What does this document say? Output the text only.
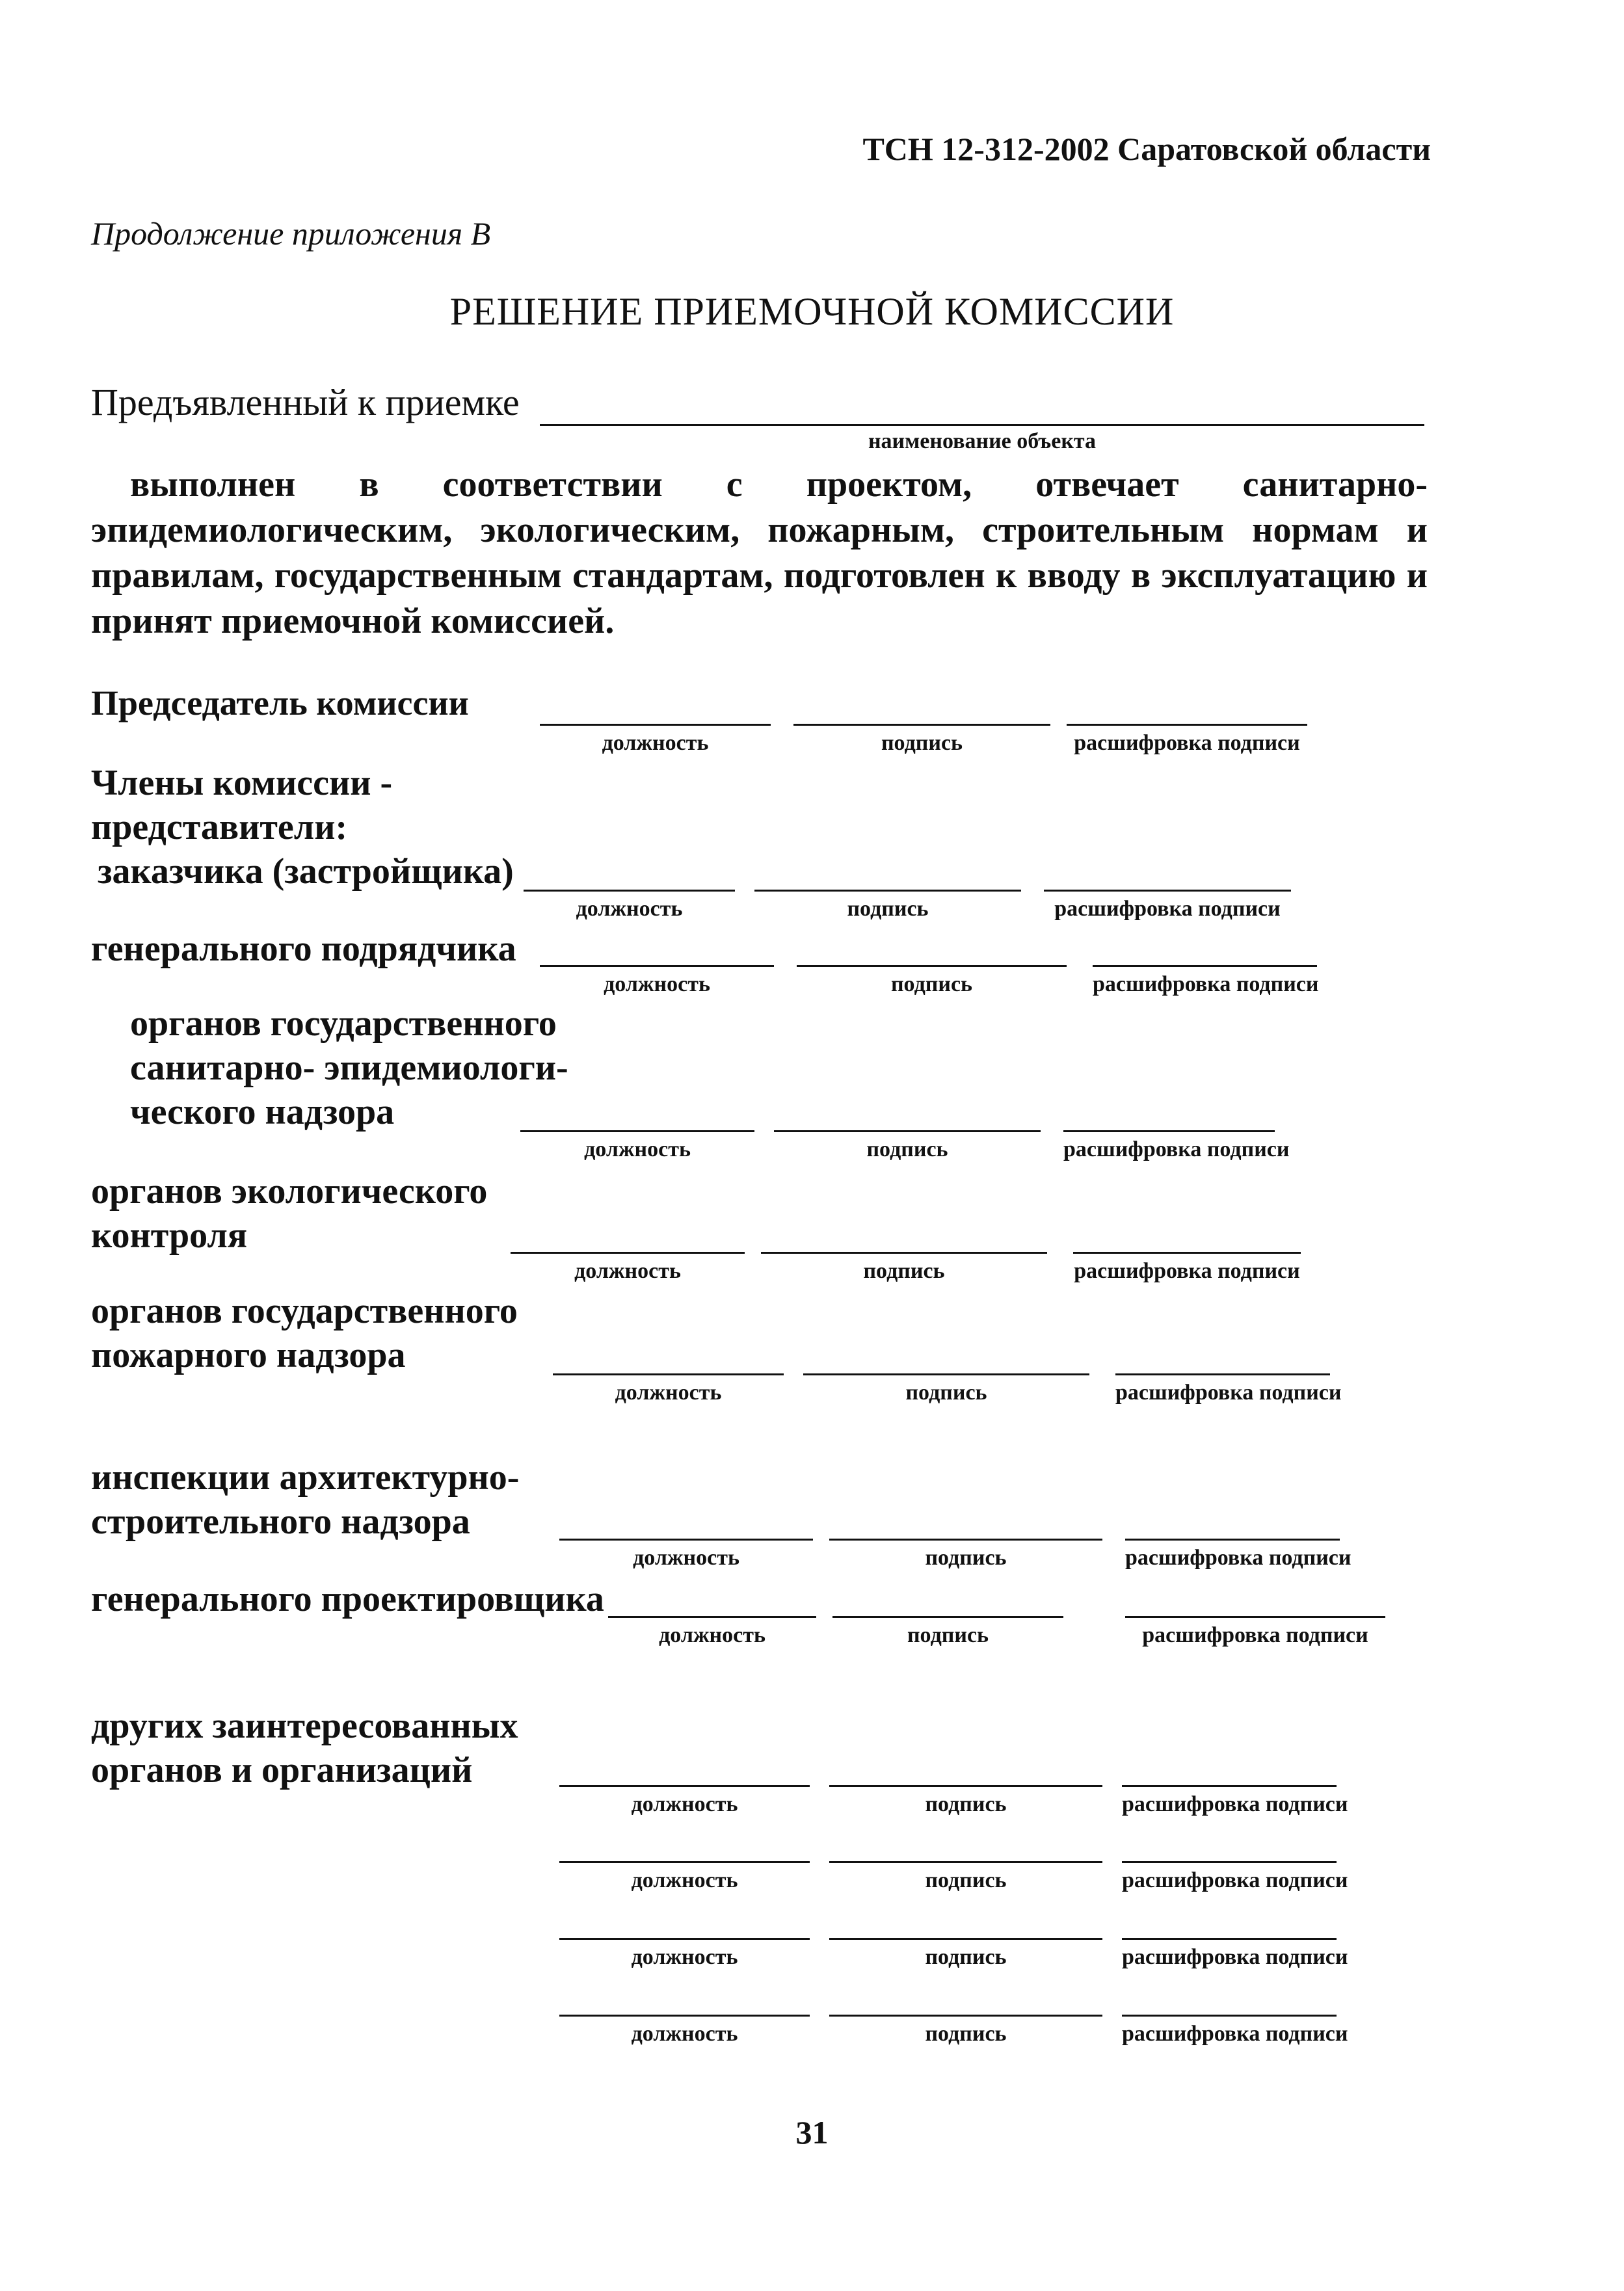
ТСН 12-312-2002 Саратовской области

Продолжение приложения В

РЕШЕНИЕ ПРИЕМОЧНОЙ КОМИССИИ

Предъявленный к приемке

наименование объекта

выполнен в соответствии с проектом, отвечает санитарно-эпидемиологическим, экологическим, пожарным, строительным нормам и правилам, государственным стандартам, подготовлен к вводу в эксплуатацию и принят приемочной комиссией.

Председатель комиссии

должность	подпись	расшифровка подписи

Члены комиссии -

представители:

заказчика (застройщика)

должность	подпись	расшифровка подписи

генерального подрядчика

должность	подпись	расшифровка подписи

органов государственного

санитарно- эпидемиологи-

ческого надзора

должность	подпись	расшифровка подписи

органов экологического

контроля

должность	подпись	расшифровка подписи

органов государственного

пожарного надзора

должность	подпись	расшифровка подписи

инспекции архитектурно-

строительного надзора

должность	подпись	расшифровка подписи

генерального проектировщика

должность	подпись	расшифровка подписи

других заинтересованных

органов и организаций

должность	подпись	расшифровка подписи
должность	подпись	расшифровка подписи
должность	подпись	расшифровка подписи
должность	подпись	расшифровка подписи

31
